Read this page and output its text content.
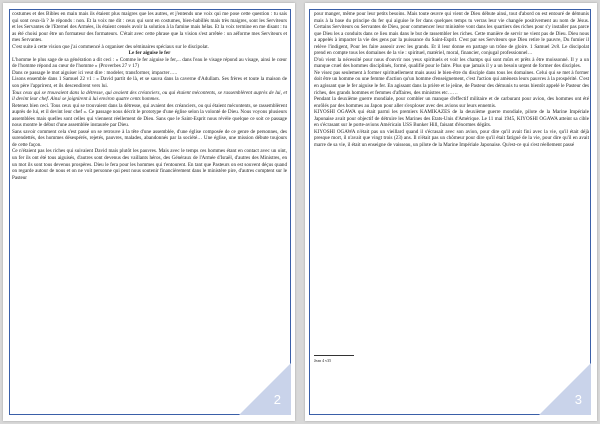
costumes et des Bibles en main mais ils étaient plus maigres que les autres, et j'entends une voix qui me pose cette question : tu sais qui sont ceux-là ? Je réponds : non. Et la voix me dit : ceux qui sont en costumes, bien-habillés mais très maigres, sont les Serviteurs et les Servantes de l'Eternel des Armées, ils étaient censés avoir la solution à la famine mais hélas. Et la voix termine en me disant : tu as été choisi pour être un formateur des formateurs. C'était avec cette phrase que la vision s'est arrêtée : un aéforme mes Serviteurs et mes Servantes.

C'est suite à cette vision que j'ai commencé à organiser des séminaires spéciaux sur le discipolat.

Le fer aiguise le fer

L'homme le plus sage de sa génération a dit ceci : « Comme le fer aiguise le fer,... dans l'eau le visage répond au visage, ainsi le cœur de l'homme répond au cœur de l'homme » (Proverbes 27 v 17)

Dans ce passage le mot aiguiser ici veut dire : modeler, transformer, impacter…..

Lisons ensemble dans 1 Samuel 22 v1 : « David partit de là, et se sauva dans la caverne d'Adullam. Ses frères et toute la maison de son père l'apprirent, et ils descendirent vers lui.

Tous ceux qui se trouvaient dans la détresse, qui avaient des créanciers, ou qui étaient mécontents, se rassemblèrent auprès de lui, et il devint leur chef. Ainsi se joignirent à lui environ quatre cents hommes.

Retenez bien ceci. Tous ceux qui se trouvaient dans la détresse, qui avaient des créanciers, ou qui étaient mécontents, se rassemblèrent auprès de lui, et il devint leur chef ». Ce passage nous décrit le prototype d'une église selon la volonté de Dieu. Nous voyons plusieurs assemblées mais quelles sont celles qui viennent réellement de Dieu. Sans que le Saint-Esprit nous révèle quelque ce soit ce passage nous montre le début d'une assemblée instaurée par Dieu.

Sans savoir comment cela s'est passé on se retrouve à la tête d'une assemblée, d'une église composée de ce genre de personnes, des surendettés, des hommes désespérés, rejetés, pauvres, malades, abandonnés par la société… Une église, une mission débute toujours de cette façon.

Ce n'étaient pas les riches qui suivaient David mais plutôt les pauvres. Mais avec le temps ces hommes étant en contact avec un oint, un fer ils ont été tous aiguisés, d'autres sont devenus des vaillants héros, des Généraux de l'Armée d'Israël, d'autres des Ministres, en un mot ils sont tous devenus prospères. Dieu le fera pour les hommes qui t'entourent. En tant que Pasteurs on est souvent déçus quand on regarde autour de nous et on ne voit personne qui peut nous soutenir financièrement dans le ministère pire, d'autres comptent sur le Pasteur

2

pour manger, même pour leur petits besoins. Mais toute œuvre qui vient de Dieu débute ainsi, tout d'abord on est entouré de démunis mais à la base du principe du fer qui aiguise le fer dans quelques temps tu verras leur vie changée positivement au nom de Jésus. Certains Serviteurs ou Servantes de Dieu, pour commencer leur ministère vont dans les quartiers des riches pour s'y installer pas parce que Dieu les a conduits dans ce lieu mais dans le but de rassembler les riches. Cette manière de servir ne vient pas de Dieu. Dieu nous a appelés à impacter la vie des gens par la puissance du Saint-Esprit. C'est par ses Serviteurs que Dieu retire le pauvre, Du fumier il relève l'indigent, Pour les faire asseoir avec les grands. Et il leur donne en partage un trône de gloire. 1 Samuel 2v8. Le discipolat prend en compte tous les domaines de la vie : spirituel, matériel, moral, financier, conjugal professionnel…

D'où vient la nécessité pour nous d'ouvrir nos yeux spirituels et voir les champs qui sont mûrs et prêts à être moissonné. Il y a un manque cruel des hommes disciplinés, formé, qualifié pour le faire. Plus que jamais il y a un besoin urgent de former des disciples.

Ne visez pas seulement à former spirituellement mais aussi le bien-être du disciple dans tous les domaines. Celui qui se met à former doit être un homme ou une femme d'action qu'un homme d'enseignement, c'est l'action qui amènera leurs pauvres à la prospérité. C'est en agissant que le fer aiguise le fer. En agissant dans la prière et le jeûne, de Pasteur des démunis tu seras bientôt appelé le Pasteur des riches, des grands hommes et femmes d'affaires, des ministres etc……

Pendant la deuxième guerre mondiale, pour combler un manque d'effectif militaire et de carburant pour avion, des hommes ont été enrôlés par des hommes au Japon pour aller s'exploser avec des avions sur leurs ennemis.

KIYOSHI OGAWA qui était parmi les premiers KAMIKAZES de la deuxième guerre mondiale, pilote de la Marine Impériale Japonaise avait pour objectif de détruire les Marines des Etats-Unis d'Amérique. Le 11 mai 1945, KIYOSHI OGAWA atteint sa cible en s'écrasant sur le porte-avions Américain USS Bunker Hill, faisant d'énormes dégâts.

KIYOSHI OGAWA n'était pas un vieillard quand il s'écrasait avec son avion, pour dire qu'il avait fini avec la vie, qu'il était déjà presque mort, il n'avait que vingt trois (23) ans. Il n'était pas un chômeur pour dire qu'il était fatigué de la vie, pour dire qu'il en avait marre de sa vie, il était un enseigne de vaisseau, un pilote de la Marine Impériale Japonaise. Qu'est-ce qui s'est réellement passé

Jean 4 v35
3
